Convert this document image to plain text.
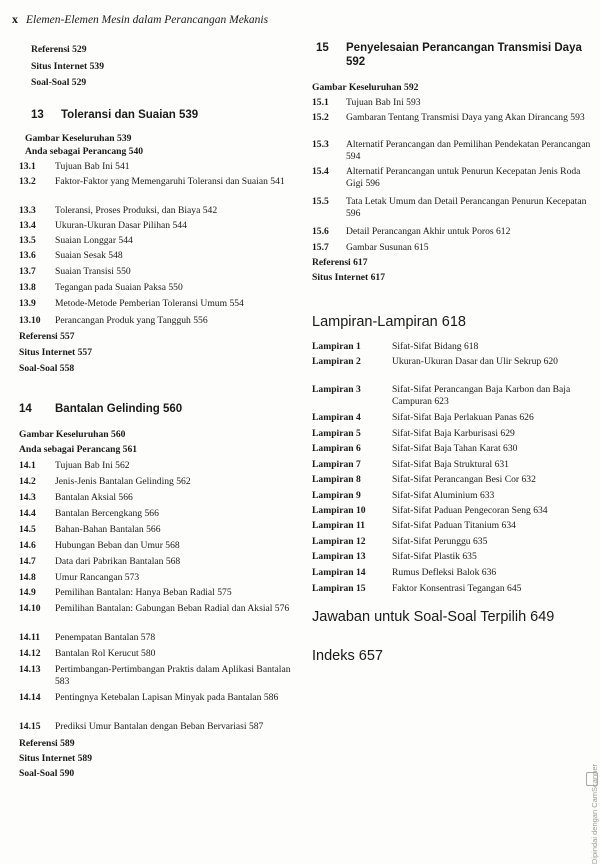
x Elemen-Elemen Mesin dalam Perancangan Mekanis
Referensi 529
Situs Internet 539
Soal-Soal 529
13 Toleransi dan Suaian 539
Gambar Keseluruhan 539
Anda sebagai Perancang 540
13.1 Tujuan Bab Ini 541
13.2 Faktor-Faktor yang Memengaruhi Toleransi dan Suaian 541
13.3 Toleransi, Proses Produksi, dan Biaya 542
13.4 Ukuran-Ukuran Dasar Pilihan 544
13.5 Suaian Longgar 544
13.6 Suaian Sesak 548
13.7 Suaian Transisi 550
13.8 Tegangan pada Suaian Paksa 550
13.9 Metode-Metode Pemberian Toleransi Umum 554
13.10 Perancangan Produk yang Tangguh 556
Referensi 557
Situs Internet 557
Soal-Soal 558
14 Bantalan Gelinding 560
Gambar Keseluruhan 560
Anda sebagai Perancang 561
14.1 Tujuan Bab Ini 562
14.2 Jenis-Jenis Bantalan Gelinding 562
14.3 Bantalan Aksial 566
14.4 Bantalan Bercengkang 566
14.5 Bahan-Bahan Bantalan 566
14.6 Hubungan Beban dan Umur 568
14.7 Data dari Pabrikan Bantalan 568
14.8 Umur Rancangan 573
14.9 Pemilihan Bantalan: Hanya Beban Radial 575
14.10 Pemilihan Bantalan: Gabungan Beban Radial dan Aksial 576
14.11 Penempatan Bantalan 578
14.12 Bantalan Rol Kerucut 580
14.13 Pertimbangan-Pertimbangan Praktis dalam Aplikasi Bantalan 583
14.14 Pentingnya Ketebalan Lapisan Minyak pada Bantalan 586
14.15 Prediksi Umur Bantalan dengan Beban Bervariasi 587
Referensi 589
Situs Internet 589
Soal-Soal 590
15 Penyelesaian Perancangan Transmisi Daya 592
Gambar Keseluruhan 592
15.1 Tujuan Bab Ini 593
15.2 Gambaran Tentang Transmisi Daya yang Akan Dirancang 593
15.3 Alternatif Perancangan dan Pemilihan Pendekatan Perancangan 594
15.4 Alternatif Perancangan untuk Penurun Kecepatan Jenis Roda Gigi 596
15.5 Tata Letak Umum dan Detail Perancangan Penurun Kecepatan 596
15.6 Detail Perancangan Akhir untuk Poros 612
15.7 Gambar Susunan 615
Referensi 617
Situs Internet 617
Lampiran-Lampiran 618
Lampiran 1	Sifat-Sifat Bidang 618
Lampiran 2	Ukuran-Ukuran Dasar dan Ulir Sekrup 620
Lampiran 3	Sifat-Sifat Perancangan Baja Karbon dan Baja Campuran 623
Lampiran 4	Sifat-Sifat Baja Perlakuan Panas 626
Lampiran 5	Sifat-Sifat Baja Karburisasi 629
Lampiran 6	Sifat-Sifat Baja Tahan Karat 630
Lampiran 7	Sifat-Sifat Baja Struktural 631
Lampiran 8	Sifat-Sifat Perancangan Besi Cor 632
Lampiran 9	Sifat-Sifat Aluminium 633
Lampiran 10	Sifat-Sifat Paduan Pengecoran Seng 634
Lampiran 11	Sifat-Sifat Paduan Titanium 634
Lampiran 12	Sifat-Sifat Perunggu 635
Lampiran 13	Sifat-Sifat Plastik 635
Lampiran 14	Rumus Defleksi Balok 636
Lampiran 15	Faktor Konsentrasi Tegangan 645
Jawaban untuk Soal-Soal Terpilih 649
Indeks 657
Dipindai dengan CamScanner
